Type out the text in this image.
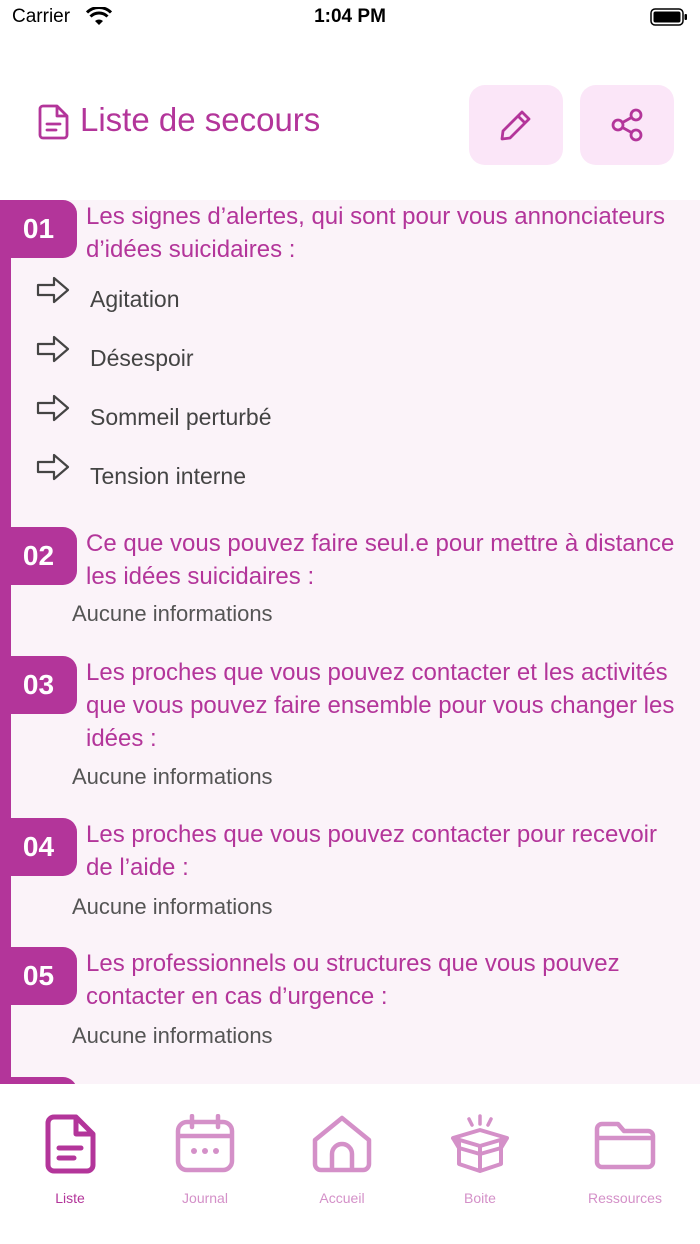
Carrier	1:04 PM
Liste de secours
01	Les signes d’alertes, qui sont pour vous annonciateurs d’idées suicidaires :
Agitation
Désespoir
Sommeil perturbé
Tension interne
02	Ce que vous pouvez faire seul.e pour mettre à distance les idées suicidaires :
Aucune informations
03	Les proches que vous pouvez contacter et les activités que vous pouvez faire ensemble pour vous changer les idées :
Aucune informations
04	Les proches que vous pouvez contacter pour recevoir de l’aide :
Aucune informations
05	Les professionnels ou structures que vous pouvez contacter en cas d’urgence :
Aucune informations
Liste	Journal	Accueil	Boite	Ressources
